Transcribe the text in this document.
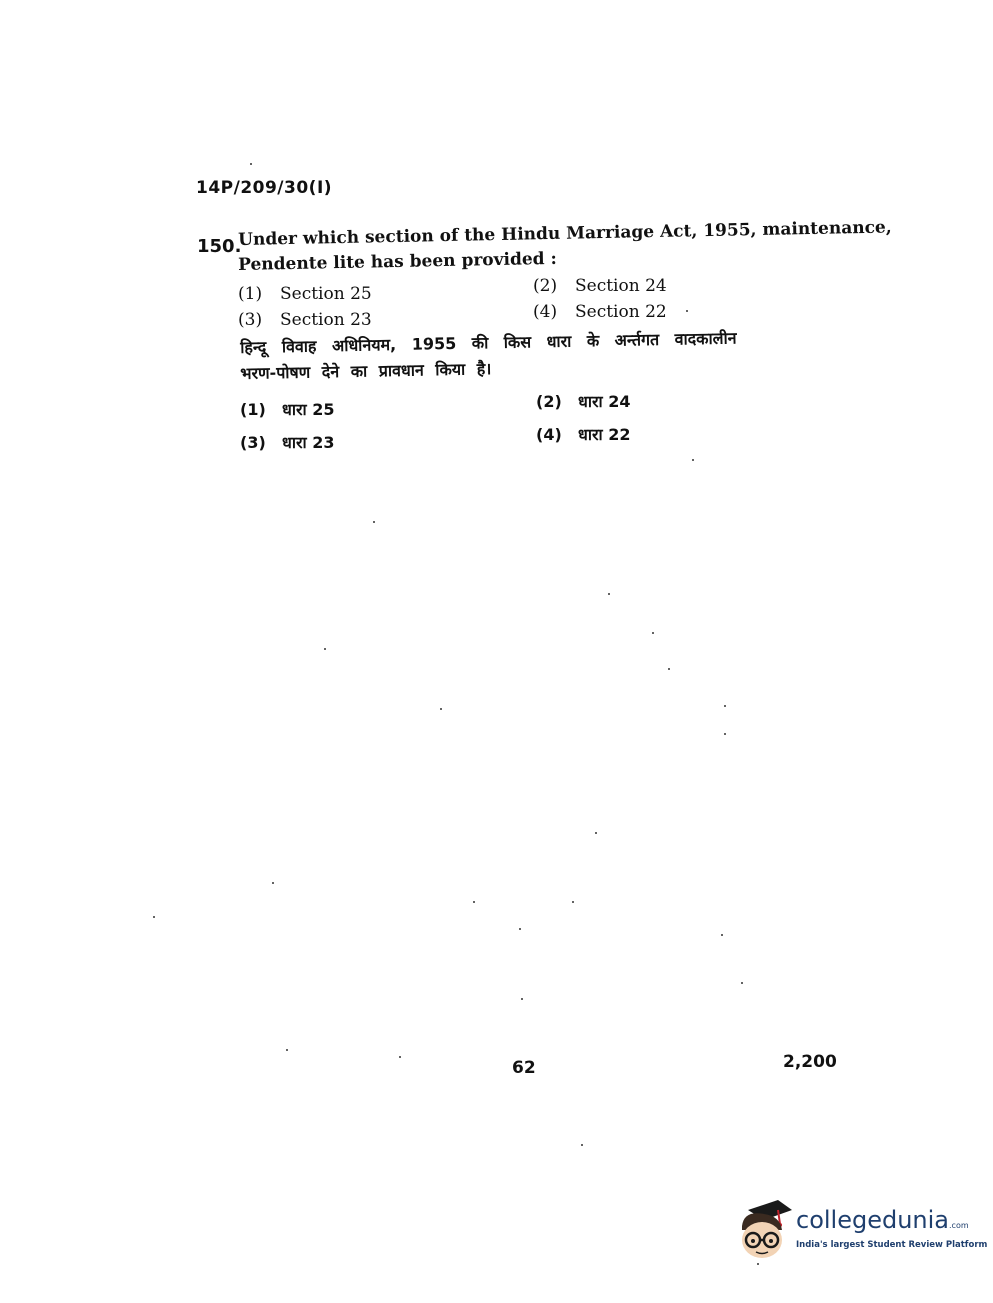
14P/209/30(I)
150.
Under which section of the Hindu Marriage Act, 1955, maintenance,
Pendente lite has been provided :
(1) Section 25	(2) Section 24
(3) Section 23	(4) Section 22
हिन्दू विवाह अधिनियम, 1955 की किस धारा के अर्न्तगत वादकालीन
भरण-पोषण देने का प्रावधान किया है।
(1) धारा 25	(2) धारा 24
(3) धारा 23	(4) धारा 22
62	2,200
collegedunia.com
India's largest Student Review Platform
